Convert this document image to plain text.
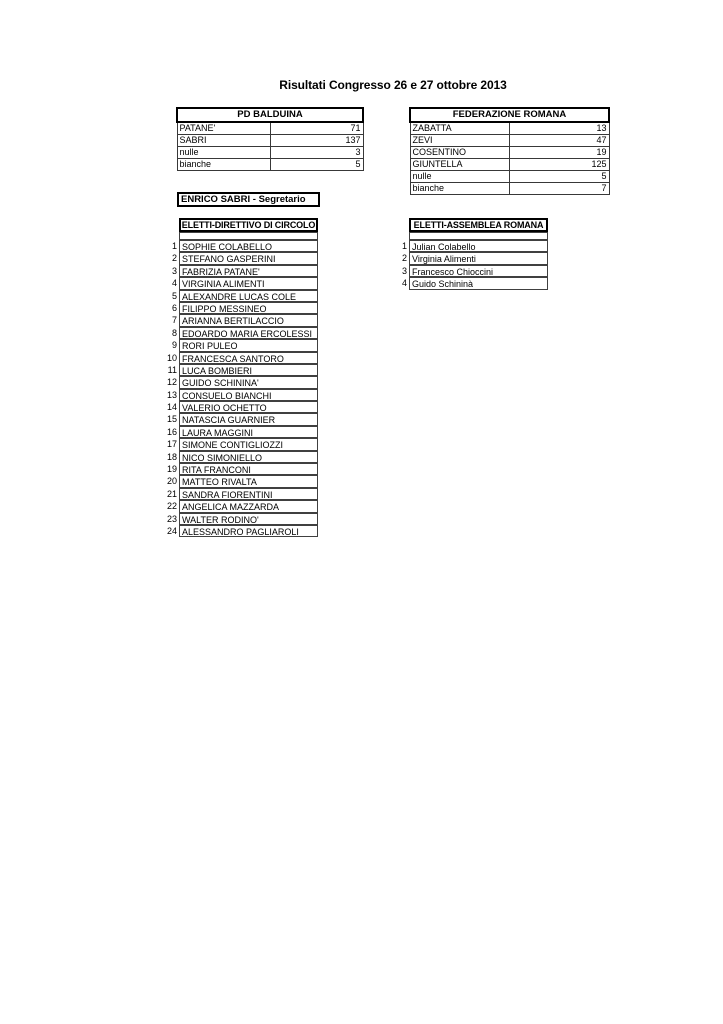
Risultati Congresso 26 e 27 ottobre 2013
PD BALDUINA	
PATANE'	71
SABRI	137
nulle	3
bianche	5
FEDERAZIONE ROMANA	
ZABATTA	13
ZEVI	47
COSENTINO	19
GIUNTELLA	125
nulle	5
bianche	7
ENRICO SABRI - Segretario
ELETTI-DIRETTIVO DI CIRCOLO
1 SOPHIE COLABELLO
2 STEFANO GASPERINI
3 FABRIZIA PATANE'
4 VIRGINIA ALIMENTI
5 ALEXANDRE LUCAS COLE
6 FILIPPO MESSINEO
7 ARIANNA BERTILACCIO
8 EDOARDO MARIA ERCOLESSI
9 RORI PULEO
10 FRANCESCA SANTORO
11 LUCA BOMBIERI
12 GUIDO SCHININA'
13 CONSUELO BIANCHI
14 VALERIO OCHETTO
15 NATASCIA GUARNIER
16 LAURA MAGGINI
17 SIMONE CONTIGLIOZZI
18 NICO SIMONIELLO
19 RITA FRANCONI
20 MATTEO RIVALTA
21 SANDRA FIORENTINI
22 ANGELICA MAZZARDA
23 WALTER RODINO'
24 ALESSANDRO PAGLIAROLI
ELETTI-ASSEMBLEA ROMANA
1 Julian Colabello
2 Virginia Alimenti
3 Francesco Chioccini
4 Guido Schininà
